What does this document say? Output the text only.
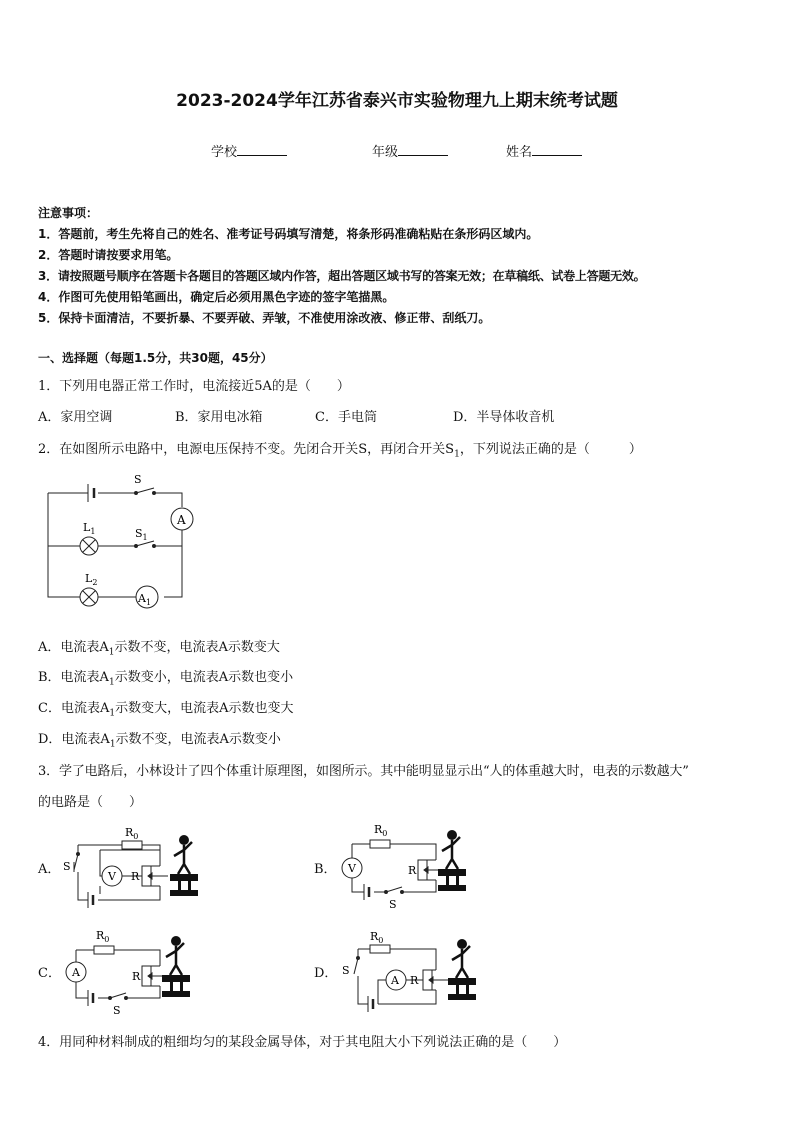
2023-2024学年江苏省泰兴市实验物理九上期末统考试题
学校	年级	姓名
注意事项：
1．答题前，考生先将自己的姓名、准考证号码填写清楚，将条形码准确粘贴在条形码区域内。
2．答题时请按要求用笔。
3．请按照题号顺序在答题卡各题目的答题区域内作答，超出答题区域书写的答案无效；在草稿纸、试卷上答题无效。
4．作图可先使用铅笔画出，确定后必须用黑色字迹的签字笔描黑。
5．保持卡面清洁，不要折暴、不要弄破、弄皱，不准使用涂改液、修正带、刮纸刀。
一、选择题（每题1.5分，共30题，45分）
1．下列用电器正常工作时，电流接近5A的是（　　）
A．家用空调	B．家用电冰箱	C．手电筒	D．半导体收音机
2．在如图所示电路中，电源电压保持不变。先闭合开关S，再闭合开关$S_1$，下列说法正确的是（　　　）
S
A
$L_1$	$S_1$
$L_2$
$A_1$
A．电流表$A_1$示数不变，电流表A示数变大
B．电流表$A_1$示数变小，电流表A示数也变小
C．电流表$A_1$示数变大，电流表A示数也变大
D．电流表$A_1$示数不变，电流表A示数变小
3．学了电路后，小林设计了四个体重计原理图，如图所示。其中能明显显示出“人的体重越大时，电表的示数越大”
的电路是（　　）
A．	B．
C．	D．
$R_0$
R
S
V
$R_0$
R
V
S
$R_0$
R
A
S
$R_0$
R
S
A
4．用同种材料制成的粗细均匀的某段金属导体，对于其电阻大小下列说法正确的是（　　）
